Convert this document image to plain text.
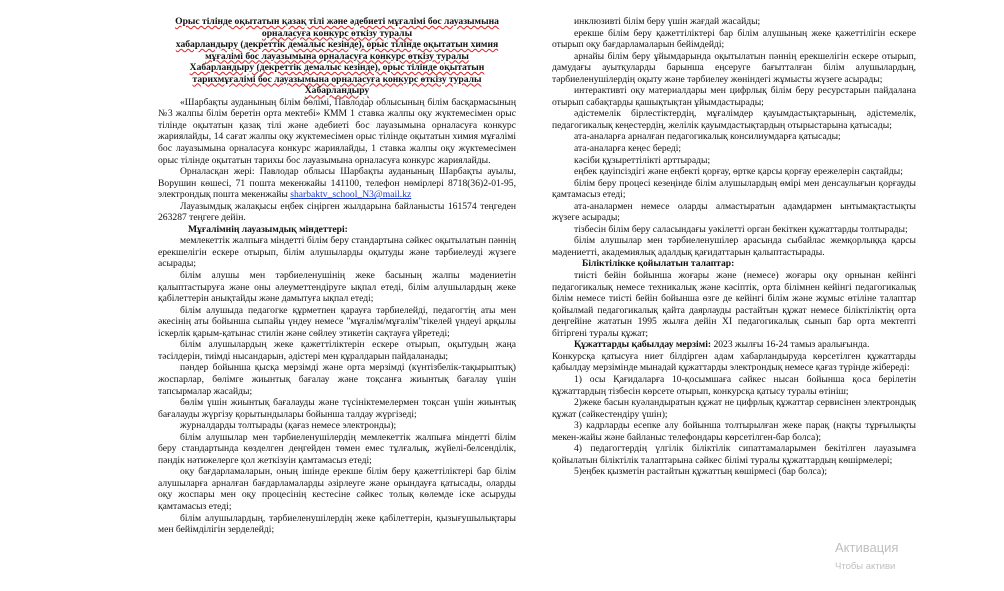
Орыс тілінде оқытатын қазақ тілі және әдебиеті мұғалімі бос лауазымына
орналасуға конкурс өткізу туралы
хабарландыру (декреттік демалыс кезінде), орыс тілінде оқытатын химия
мұғалімі бос лауазымына орналасуға конкурс өткізу туралы
Хабарландыру (декреттік демалыс кезінде), орыс тілінде оқытатын
тарихмұғалімі бос лауазымына орналасуға конкурс өткізу туралы
Хабарландыру

«Шарбақты ауданының білім бөлімі, Павлодар облысының білім басқармасының №3 жалпы білім беретін орта мектебі» КММ 1 ставка жалпы оқу жүктемесімен орыс тілінде оқытатын қазақ тілі және әдебиеті бос лауазымына орналасуға конкурс жариялайды, 14 сағат жалпы оқу жүктемесімен орыс тілінде оқытатын химия мұғалімі бос лауазымына орналасуға конкурс жариялайды, 1 ставка жалпы оқу жүктемесімен орыс тілінде оқытатын тарихы бос лауазымына орналасуға конкурс жариялайды.

Орналасқан жері: Павлодар облысы Шарбақты ауданының Шарбақты ауылы, Ворушин көшесі, 71 пошта мекенжайы 141100, телефон нөмірлері 8718(36)2-01-95, электрондық пошта мекенжайы sharbaktv_school_N3@mail.kz

Лауазымдық жалақысы еңбек сіңірген жылдарына байланысты 161574 теңгеден 263287 теңгеге дейін.

Мұғалімнің лауазымдық міндеттері:

мемлекеттік жалпыға міндетті білім беру стандартына сәйкес оқытылатын пәннің ерекшелігін ескере отырып, білім алушыларды оқытуды және тәрбиелеуді жүзеге асырады;

білім алушы мен тәрбиеленушінің жеке басының жалпы мәдениетін қалыптастыруға және оны әлеуметтендіруге ықпал етеді, білім алушылардың жеке қабілеттерін анықтайды және дамытуға ықпал етеді;

білім алушыда педагогке құрметпен қарауға тәрбиелейді, педагогтің аты мен әкесінің аты бойынша сыпайы үндеу немесе "мұғалім/мұғалім"тікелей үндеуі арқылы іскерлік қарым-қатынас стилін және сөйлеу этикетін сақтауға үйретеді;

білім алушылардың жеке қажеттіліктерін ескере отырып, оқытудың жаңа тәсілдерін, тиімді нысандарын, әдістері мен құралдарын пайдаланады;

пәндер бойынша қысқа мерзімді және орта мерзімді (күнтізбелік-тақырыптық) жоспарлар, бөлімге жиынтық бағалау және тоқсанға жиынтық бағалау үшін тапсырмалар жасайды;

бөлім үшін жиынтық бағалауды және түсініктемелермен тоқсан үшін жиынтық бағалауды жүргізу қорытындылары бойынша талдау жүргізеді;

журналдарды толтырады (қағаз немесе электронды);

білім алушылар мен тәрбиеленушілердің мемлекеттік жалпыға міндетті білім беру стандартында көзделген деңгейден төмен емес тұлғалық, жүйелі-белсенділік, пәндік нәтижелерге қол жеткізуін қамтамасыз етеді;

оқу бағдарламаларын, оның ішінде ерекше білім беру қажеттіліктері бар білім алушыларға арналған бағдарламаларды әзірлеуге және орындауға қатысады, оларды оқу жоспары мен оқу процесінің кестесіне сәйкес толық көлемде іске асыруды қамтамасыз етеді;

білім алушылардың, тәрбиеленушілердің жеке қабілеттерін, қызығушылықтары мен бейімділігін зерделейді;

инклюзивті білім беру үшін жағдай жасайды;

ерекше білім беру қажеттіліктері бар білім алушының жеке қажеттілігін ескере отырып оқу бағдарламаларын бейімдейді;

арнайы білім беру ұйымдарында оқытылатын пәннің ерекшелігін ескере отырып, дамудағы ауытқуларды барынша еңсеруге бағытталған білім алушылардың, тәрбиеленушілердің оқыту және тәрбиелеу жөніндегі жұмысты жүзеге асырады;

интерактивті оқу материалдары мен цифрлық білім беру ресурстарын пайдалана отырып сабақтарды қашықтықтан ұйымдастырады;

әдістемелік бірлестіктердің, мұғалімдер қауымдастықтарының, әдістемелік, педагогикалық кеңестердің, желілік қауымдастықтардың отырыстарына қатысады;

ата-аналарға арналған педагогикалық консилиумдарға қатысады;

ата-аналарға кеңес береді;

кәсіби құзыреттілікті арттырады;

еңбек қауіпсіздігі және еңбекті қорғау, өртке қарсы қорғау ережелерін сақтайды;

білім беру процесі кезеңінде білім алушылардың өмірі мен денсаулығын қорғауды қамтамасыз етеді;

ата-аналармен немесе оларды алмастыратын адамдармен ынтымақтастықты жүзеге асырады;

тізбесін білім беру саласындағы уәкілетті орган бекіткен құжаттарды толтырады;

білім алушылар мен тәрбиеленушілер арасында сыбайлас жемқорлыққа қарсы мәдениетті, академиялық адалдық қағидаттарын қалыптастырады.

Біліктілікке қойылатын талаптар:

тиісті бейін бойынша жоғары және (немесе) жоғары оқу орнынан кейінгі педагогикалық немесе техникалық және кәсіптік, орта білімнен кейінгі педагогикалық білім немесе тиісті бейін бойынша өзге де кейінгі білім және жұмыс өтіліне талаптар қойылмай педагогикалық қайта даярлауды растайтын құжат немесе біліктіліктің орта деңгейіне жататын 1995 жылға дейін XI педагогикалық сынып бар орта мектепті бітіргені туралы құжат;

Құжаттарды қабылдау мерзімі: 2023 жылғы 16-24 тамыз аралығында.

Конкурсқа қатысуға ниет білдірген адам хабарландыруда көрсетілген құжаттарды қабылдау мерзімінде мынадай құжаттарды электрондық немесе қағаз түрінде жібереді:

1) осы Қағидаларға 10-қосымшаға сәйкес нысан бойынша қоса берілетін құжаттардың тізбесін көрсете отырып, конкурсқа қатысу туралы өтініш;

2)жеке басын куәландыратын құжат не цифрлық құжаттар сервисінен электрондық құжат (сәйкестендіру үшін);

3) кадрларды есепке алу бойынша толтырылған жеке парақ (нақты тұрғылықты мекен-жайы және байланыс телефондары көрсетілген-бар болса);

4) педагогтердің үлгілік біліктілік сипаттамаларымен бекітілген лауазымға қойылатын біліктілік талаптарына сәйкес білімі туралы құжаттардың көшірмелері;

5)еңбек қызметін растайтын құжаттың көшірмесі (бар болса);

Активация
Чтобы активи
